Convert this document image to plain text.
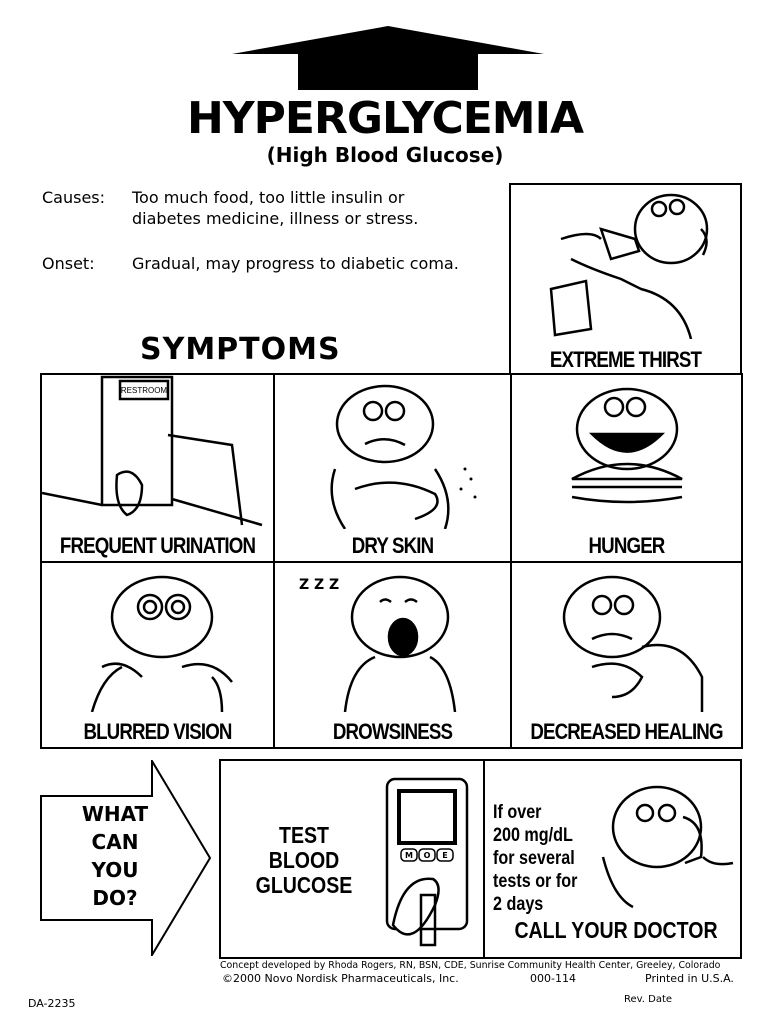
HYPERGLYCEMIA
(High Blood Glucose)
Causes: Too much food, too little insulin or
diabetes medicine, illness or stress.
Onset: Gradual, may progress to diabetic coma.
SYMPTOMS	EXTREME THIRST
RESTROOM
FREQUENT URINATION	DRY SKIN	HUNGER
BLURRED VISION
Z Z Z
DROWSINESS	DECREASED HEALING
WHAT
CAN
YOU
DO?
TEST
BLOOD
GLUCOSE
M O E
If over
200 mg/dL
for several
tests or for
2 days
CALL YOUR DOCTOR
Concept developed by Rhoda Rogers, RN, BSN, CDE, Sunrise Community Health Center, Greeley, Colorado
©2000 Novo Nordisk Pharmaceuticals, Inc.	000-114	Printed in U.S.A.
DA-2235	Rev. Date
